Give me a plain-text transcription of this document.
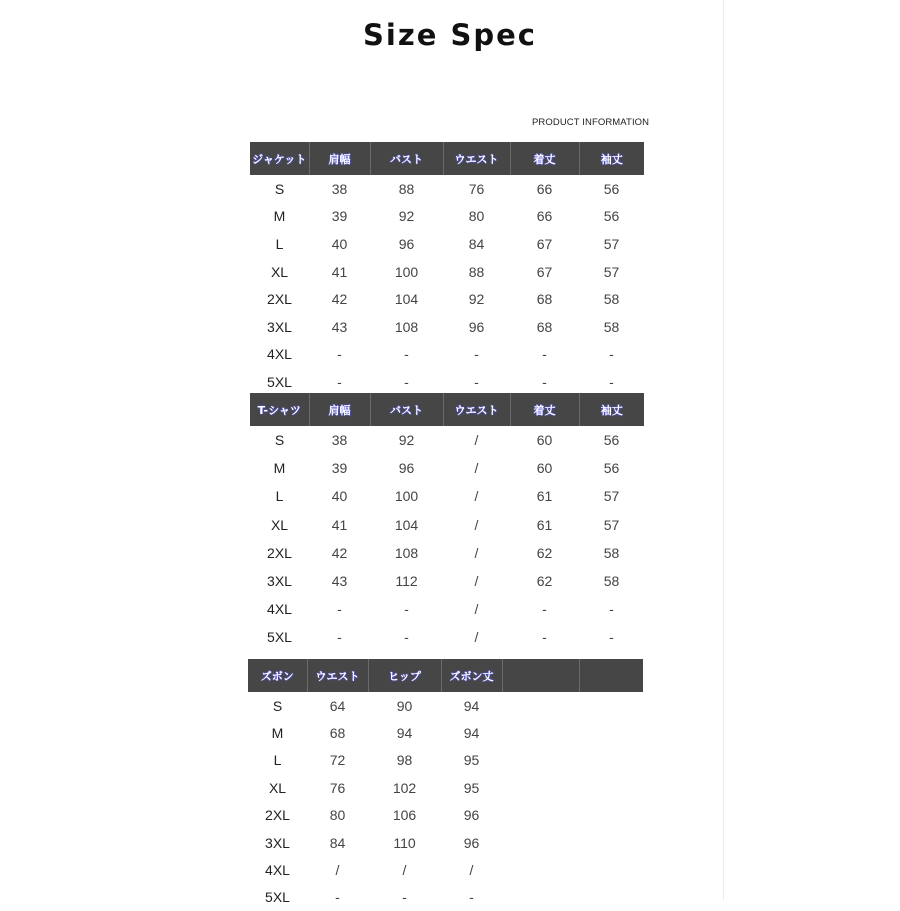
Size Spec
PRODUCT INFORMATION
ジャケット	肩幅	バスト	ウエスト	着丈	袖丈
S	38	88	76	66	56
M	39	92	80	66	56
L	40	96	84	67	57
XL	41	100	88	67	57
2XL	42	104	92	68	58
3XL	43	108	96	68	58
4XL	-	-	-	-	-
5XL	-	-	-	-	-
T-シャツ	肩幅	バスト	ウエスト	着丈	袖丈
S	38	92	/	60	56
M	39	96	/	60	56
L	40	100	/	61	57
XL	41	104	/	61	57
2XL	42	108	/	62	58
3XL	43	112	/	62	58
4XL	-	-	/	-	-
5XL	-	-	/	-	-
ズボン	ウエスト	ヒップ	ズボン丈		
S	64	90	94		
M	68	94	94		
L	72	98	95		
XL	76	102	95		
2XL	80	106	96		
3XL	84	110	96		
4XL	/	/	/		
5XL	-	-	-		
